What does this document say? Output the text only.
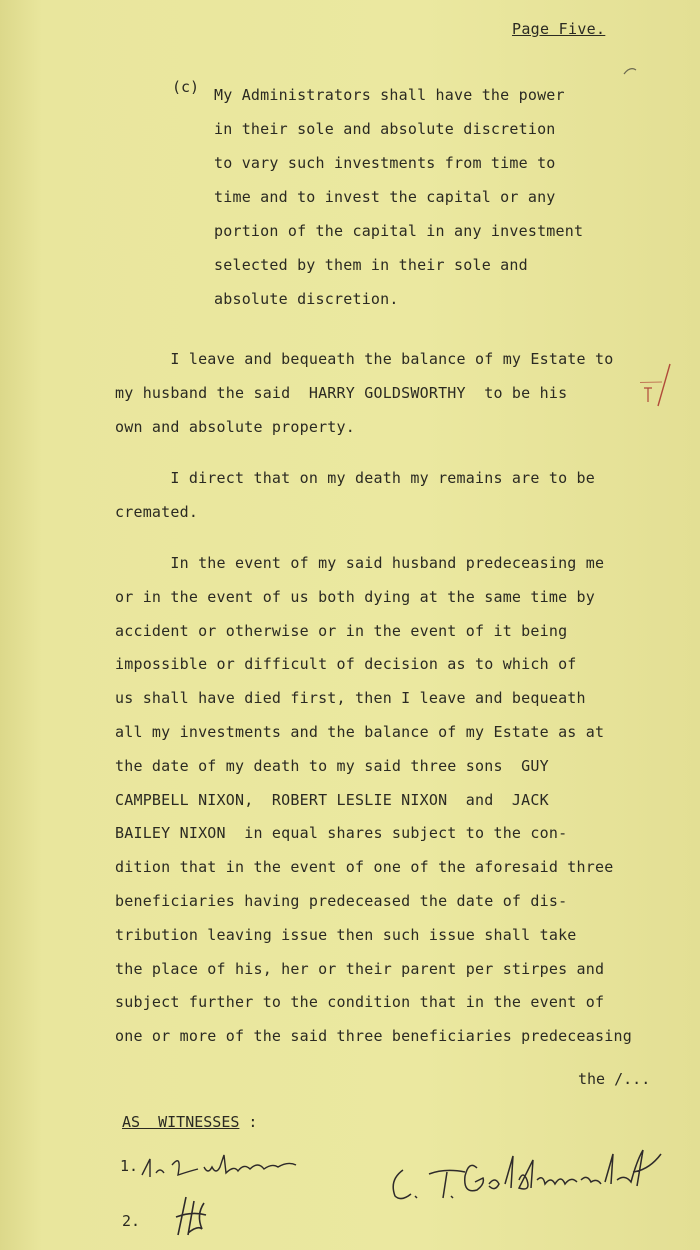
Page Five.
(c) My Administrators shall have the power
in their sole and absolute discretion
to vary such investments from time to
time and to invest the capital or any
portion of the capital in any investment
selected by them in their sole and
absolute discretion.
I leave and bequeath the balance of my Estate to
my husband the said  HARRY GOLDSWORTHY  to be his
own and absolute property.
I direct that on my death my remains are to be
cremated.
In the event of my said husband predeceasing me
or in the event of us both dying at the same time by
accident or otherwise or in the event of it being
impossible or difficult of decision as to which of
us shall have died first, then I leave and bequeath
all my investments and the balance of my Estate as at
the date of my death to my said three sons  GUY
CAMPBELL NIXON,  ROBERT LESLIE NIXON  and  JACK
BAILEY NIXON  in equal shares subject to the con-
dition that in the event of one of the aforesaid three
beneficiaries having predeceased the date of dis-
tribution leaving issue then such issue shall take
the place of his, her or their parent per stirpes and
subject further to the condition that in the event of
one or more of the said three beneficiaries predeceasing
the /...
AS  WITNESSES :
1.
2.
